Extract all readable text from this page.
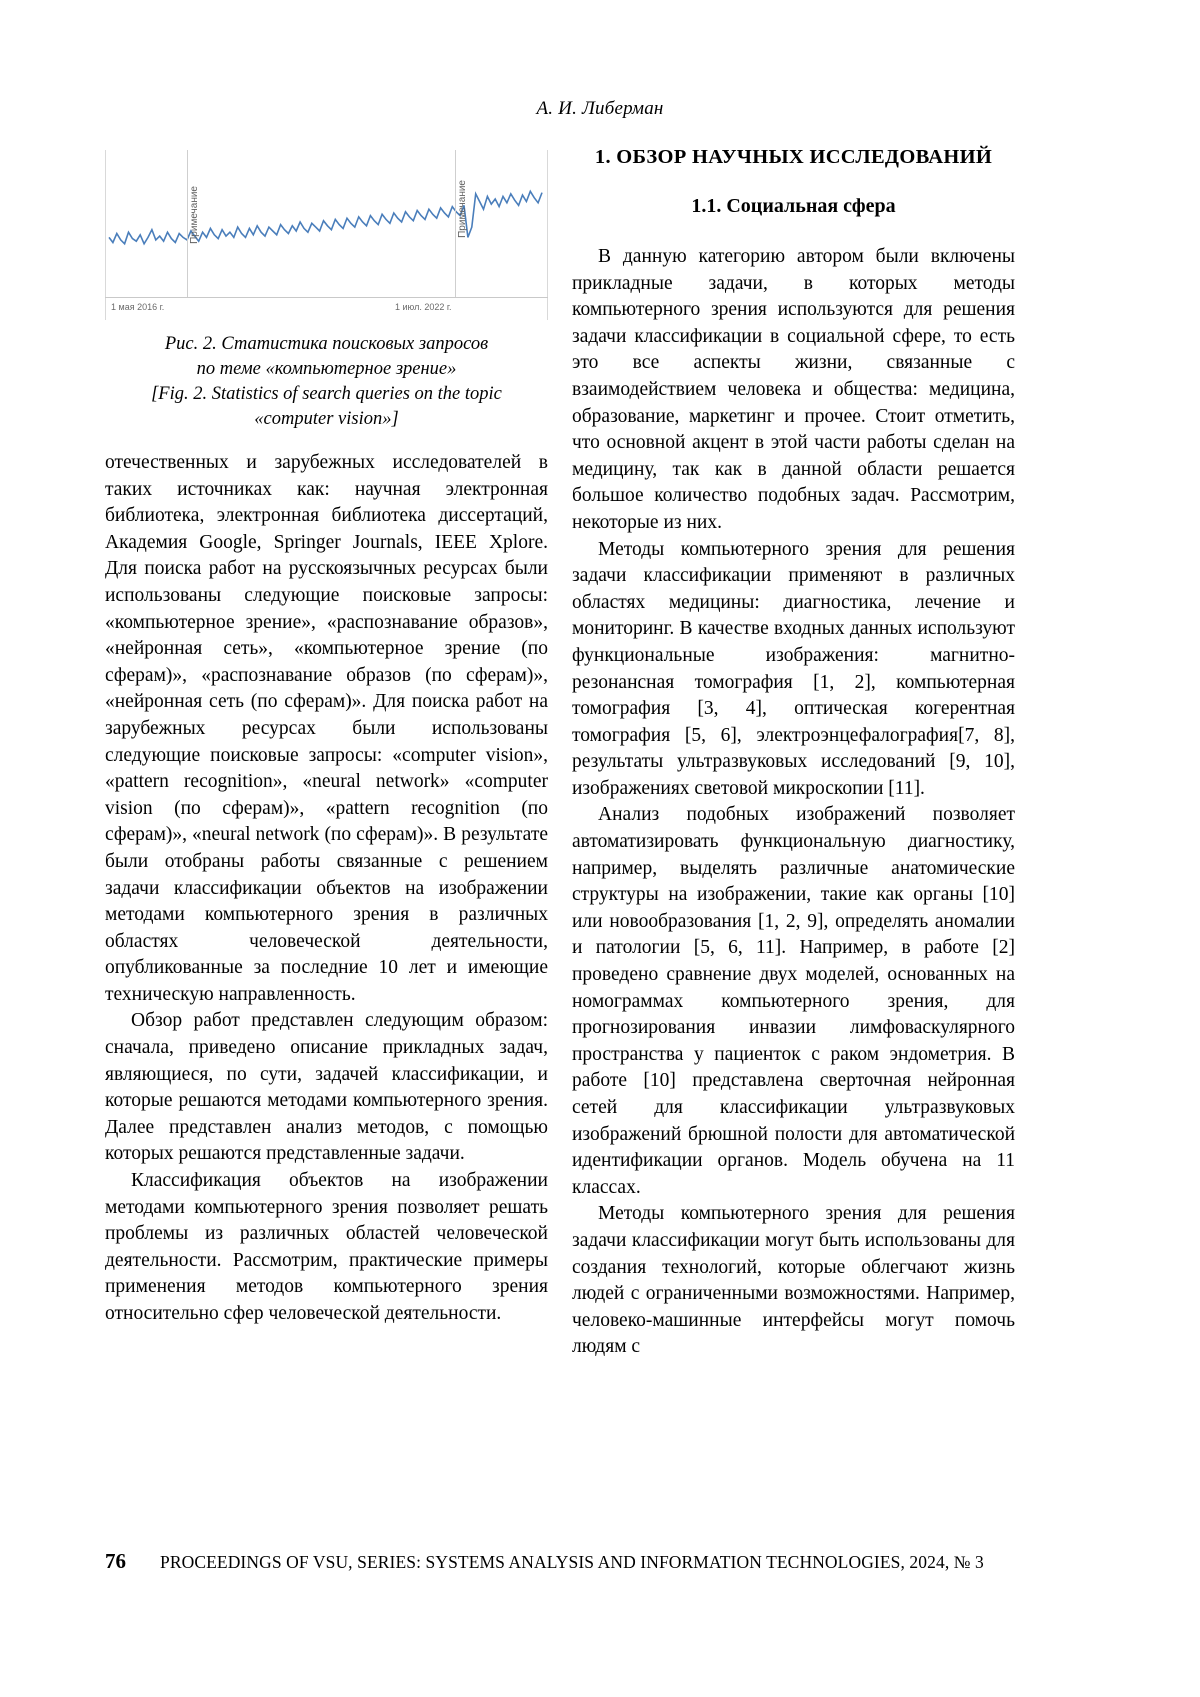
А. И. Либерман
Примечание	Примечание
1 мая 2016 г.	1 июл. 2022 г.
Рис. 2. Статистика поисковых запросов
по теме «компьютерное зрение»
[Fig. 2. Statistics of search queries on the topic
«computer vision»]

отечественных и зарубежных исследователей в таких источниках как: научная электронная библиотека, электронная библиотека диссертаций, Академия Google, Springer Journals, IEEE Xplore. Для поиска работ на русскоязычных ресурсах были использованы следующие поисковые запросы: «компьютерное зрение», «распознавание образов», «нейронная сеть», «компьютерное зрение (по сферам)», «распознавание образов (по сферам)», «нейронная сеть (по сферам)». Для поиска работ на зарубежных ресурсах были использованы следующие поисковые запросы: «computer vision», «pattern recognition», «neural network» «computer vision (по сферам)», «pattern recognition (по сферам)», «neural network (по сферам)». В результате были отобраны работы связанные с решением задачи классификации объектов на изображении методами компьютерного зрения в различных областях человеческой деятельности, опубликованные за последние 10 лет и имеющие техническую направленность.

Обзор работ представлен следующим образом: сначала, приведено описание прикладных задач, являющиеся, по сути, задачей классификации, и которые решаются методами компьютерного зрения. Далее представлен анализ методов, с помощью которых решаются представленные задачи.

Классификация объектов на изображении методами компьютерного зрения позволяет решать проблемы из различных областей человеческой деятельности. Рассмотрим, практические примеры применения методов компьютерного зрения относительно сфер человеческой деятельности.

1. ОБЗОР НАУЧНЫХ ИССЛЕДОВАНИЙ
1.1. Социальная сфера

В данную категорию автором были включены прикладные задачи, в которых методы компьютерного зрения используются для решения задачи классификации в социальной сфере, то есть это все аспекты жизни, связанные с взаимодействием человека и общества: медицина, образование, маркетинг и прочее. Стоит отметить, что основной акцент в этой части работы сделан на медицину, так как в данной области решается большое количество подобных задач. Рассмотрим, некоторые из них.

Методы компьютерного зрения для решения задачи классификации применяют в различных областях медицины: диагностика, лечение и мониторинг. В качестве входных данных используют функциональные изображения: магнитно-резонансная томография [1, 2], компьютерная томография [3, 4], оптическая когерентная томография [5, 6], электроэнцефалография[7, 8], результаты ультразвуковых исследований [9, 10], изображениях световой микроскопии [11].

Анализ подобных изображений позволяет автоматизировать функциональную диагностику, например, выделять различные анатомические структуры на изображении, такие как органы [10] или новообразования [1, 2, 9], определять аномалии и патологии [5, 6, 11]. Например, в работе [2] проведено сравнение двух моделей, основанных на номограммах компьютерного зрения, для прогнозирования инвазии лимфоваскулярного пространства у пациенток с раком эндометрия. В работе [10] представлена сверточная нейронная сетей для классификации ультразвуковых изображений брюшной полости для автоматической идентификации органов. Модель обучена на 11 классах.

Методы компьютерного зрения для решения задачи классификации могут быть использованы для создания технологий, которые облегчают жизнь людей с ограниченными возможностями. Например, человеко-машинные интерфейсы могут помочь людям с

76 PROCEEDINGS OF VSU, SERIES: SYSTEMS ANALYSIS AND INFORMATION TECHNOLOGIES, 2024, № 3
